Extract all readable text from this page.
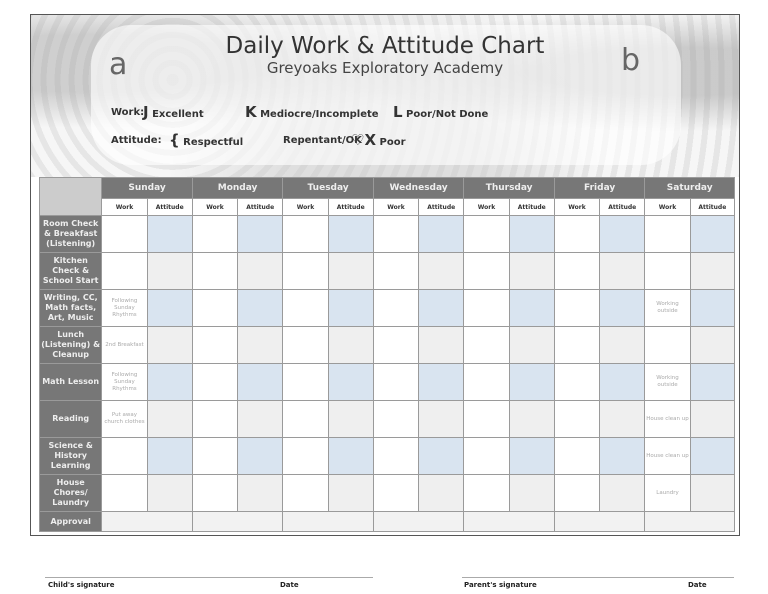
a	b
Daily Work & Attitude Chart
Greyoaks Exploratory Academy
Work:
J Excellent	K Mediocre/Incomplete L Poor/Not Done
Attitude: { Respectful	Repentant/OK
♡X Poor
	Sunday		Monday		Tuesday		Wednesday		Thursday		Friday		Saturday	
	Work	Attitude	Work	Attitude	Work	Attitude	Work	Attitude	Work	Attitude	Work	Attitude	Work	Attitude
Room Check & Breakfast (Listening)														
Kitchen Check & School Start														
Writing, CC, Math facts, Art, Music	Following Sunday Rhythms												Working outside	

Lunch (Listening) & Cleanup	2nd Breakfast													

Math Lesson	Following Sunday Rhythms												Working outside	

Reading	Put away church clothes												House clean up	

Science & History Learning													House clean up	

House Chores/ Laundry													Laundry	

Approval														
Child's signature	Date	Parent's signature	Date
